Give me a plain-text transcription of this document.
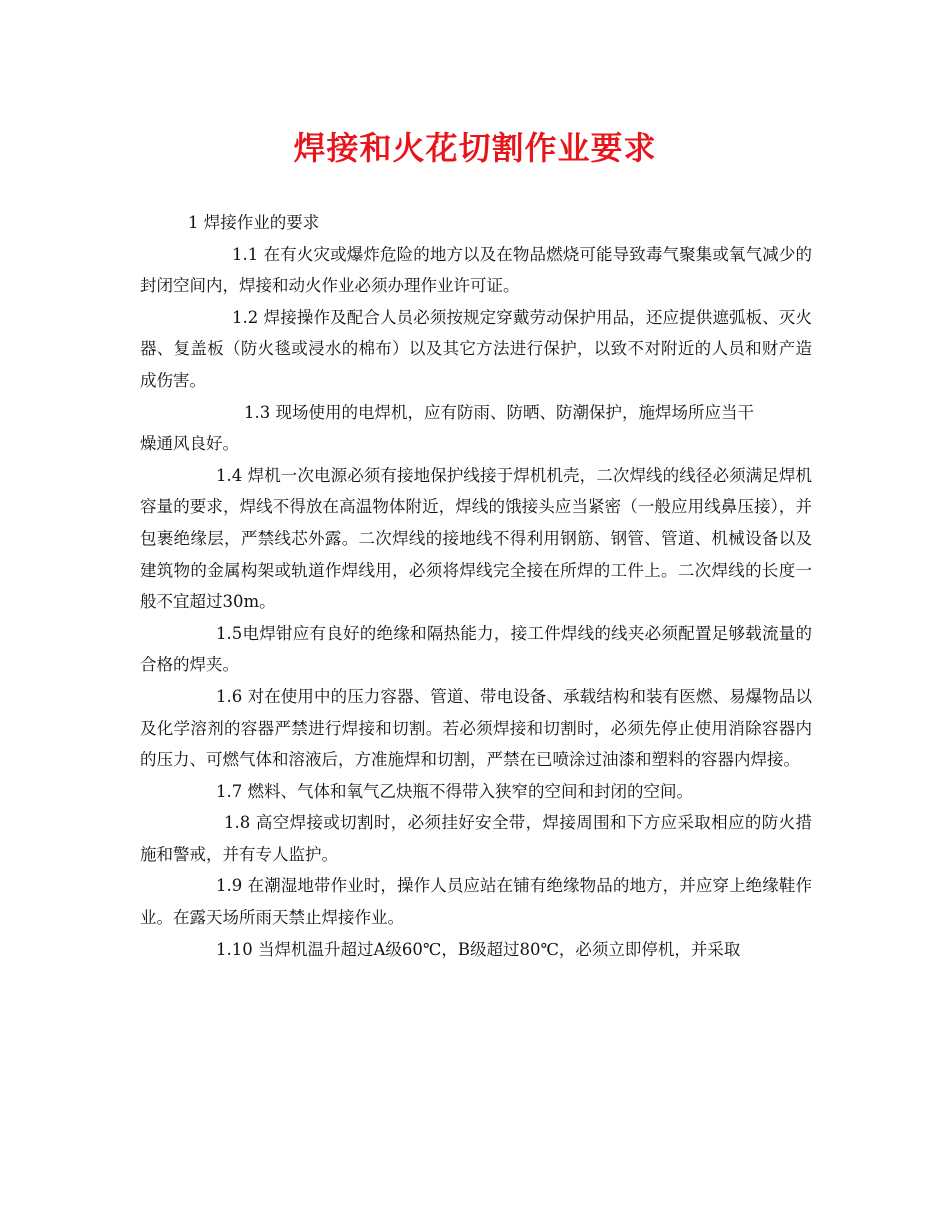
焊接和火花切割作业要求

1 焊接作业的要求

1.1 在有火灾或爆炸危险的地方以及在物品燃烧可能导致毒气聚集或氧气减少的封闭空间内，焊接和动火作业必须办理作业许可证。

1.2 焊接操作及配合人员必须按规定穿戴劳动保护用品，还应提供遮弧板、灭火器、复盖板（防火毯或浸水的棉布）以及其它方法进行保护，以致不对附近的人员和财产造成伤害。

1.3 现场使用的电焊机，应有防雨、防晒、防潮保护，施焊场所应当干

燥通风良好。

1.4 焊机一次电源必须有接地保护线接于焊机机壳，二次焊线的线径必须满足焊机容量的要求，焊线不得放在高温物体附近，焊线的饿接头应当紧密（一般应用线鼻压接），并包裹绝缘层，严禁线芯外露。二次焊线的接地线不得利用钢筋、钢管、管道、机械设备以及建筑物的金属构架或轨道作焊线用，必须将焊线完全接在所焊的工件上。二次焊线的长度一般不宜超过30m。

1.5电焊钳应有良好的绝缘和隔热能力，接工件焊线的线夹必须配置足够载流量的合格的焊夹。

1.6 对在使用中的压力容器、管道、带电设备、承载结构和装有医燃、易爆物品以及化学溶剂的容器严禁进行焊接和切割。若必须焊接和切割时，必须先停止使用消除容器内的压力、可燃气体和溶液后，方准施焊和切割，严禁在已喷涂过油漆和塑料的容器内焊接。

1.7 燃料、气体和氧气乙炔瓶不得带入狭窄的空间和封闭的空间。

1.8 高空焊接或切割时，必须挂好安全带，焊接周围和下方应采取相应的防火措施和警戒，并有专人监护。

1.9 在潮湿地带作业时，操作人员应站在铺有绝缘物品的地方，并应穿上绝缘鞋作业。在露天场所雨天禁止焊接作业。

1.10 当焊机温升超过A级60℃，B级超过80℃，必须立即停机，并采取
